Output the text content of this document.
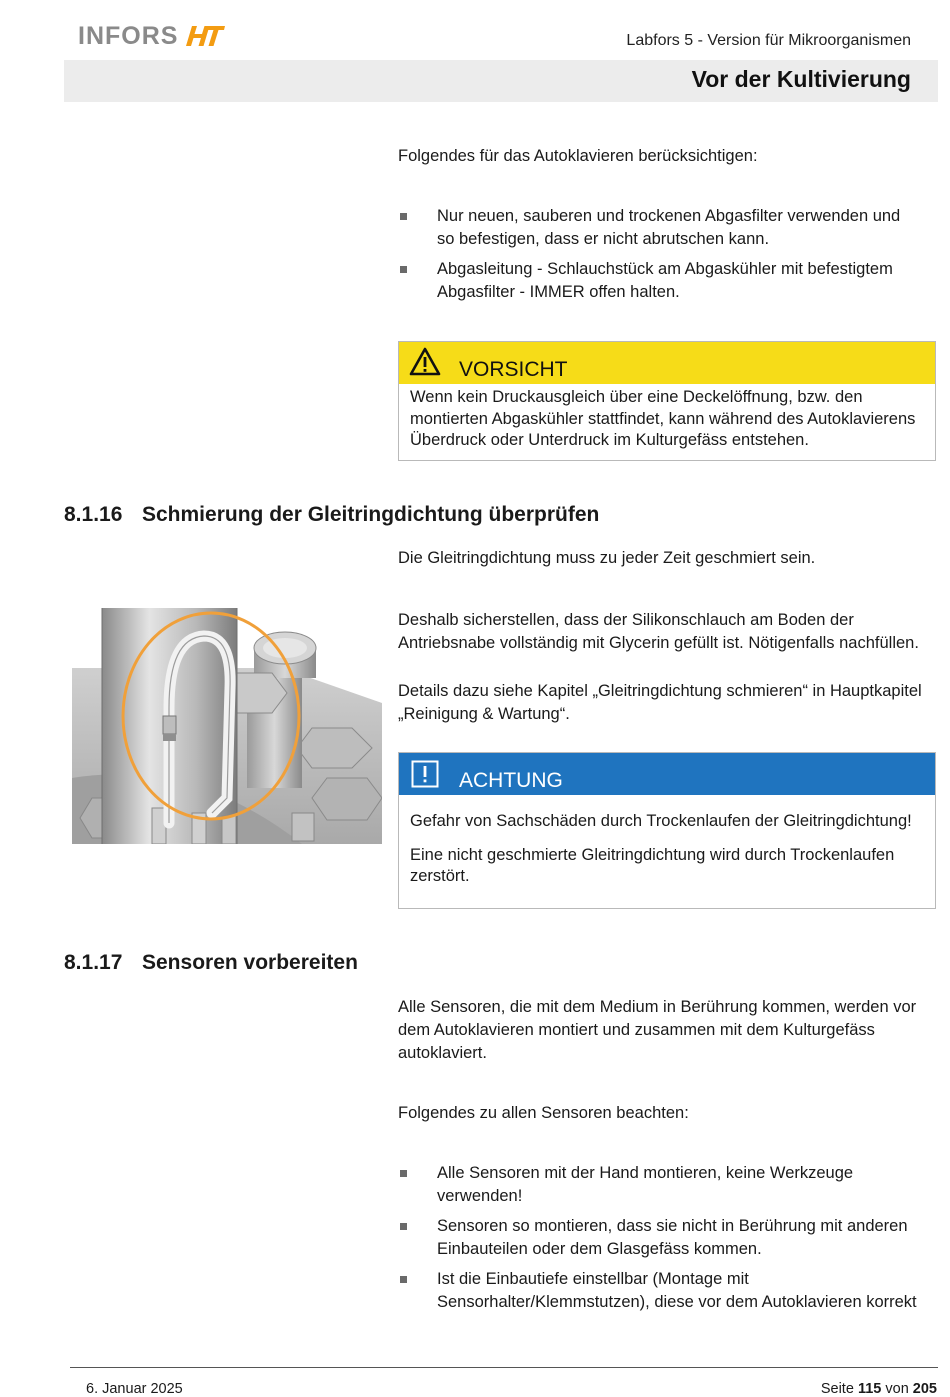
INFORS	Labfors 5 - Version für Mikroorganismen
Vor der Kultivierung
Folgendes für das Autoklavieren berücksichtigen:
Nur neuen, sauberen und trockenen Abgasfilter verwenden und so befestigen, dass er nicht abrutschen kann.
Abgasleitung - Schlauchstück am Abgaskühler mit befestigtem Abgasfilter - IMMER offen halten.
VORSICHT

Wenn kein Druckausgleich über eine Deckelöffnung, bzw. den montierten Abgaskühler stattfindet, kann während des Autoklavierens Überdruck oder Unterdruck im Kulturgefäss entstehen.

8.1.16 Schmierung der Gleitringdichtung überprüfen
Die Gleitringdichtung muss zu jeder Zeit geschmiert sein.
Deshalb sicherstellen, dass der Silikonschlauch am Boden der Antriebsnabe vollständig mit Glycerin gefüllt ist. Nötigenfalls nachfüllen.
Details dazu siehe Kapitel „Gleitringdichtung schmieren“ in Hauptkapitel „Reinigung & Wartung“.
ACHTUNG

Gefahr von Sachschäden durch Trockenlaufen der Gleitringdichtung!

Eine nicht geschmierte Gleitringdichtung wird durch Trockenlaufen zerstört.

8.1.17 Sensoren vorbereiten
Alle Sensoren, die mit dem Medium in Berührung kommen, werden vor dem Autoklavieren montiert und zusammen mit dem Kulturgefäss autoklaviert.
Folgendes zu allen Sensoren beachten:
Alle Sensoren mit der Hand montieren, keine Werkzeuge verwenden!
Sensoren so montieren, dass sie nicht in Berührung mit anderen Einbauteilen oder dem Glasgefäss kommen.
Ist die Einbautiefe einstellbar (Montage mit Sensorhalter/Klemmstutzen), diese vor dem Autoklavieren korrekt
6. Januar 2025	Seite 115 von 205
